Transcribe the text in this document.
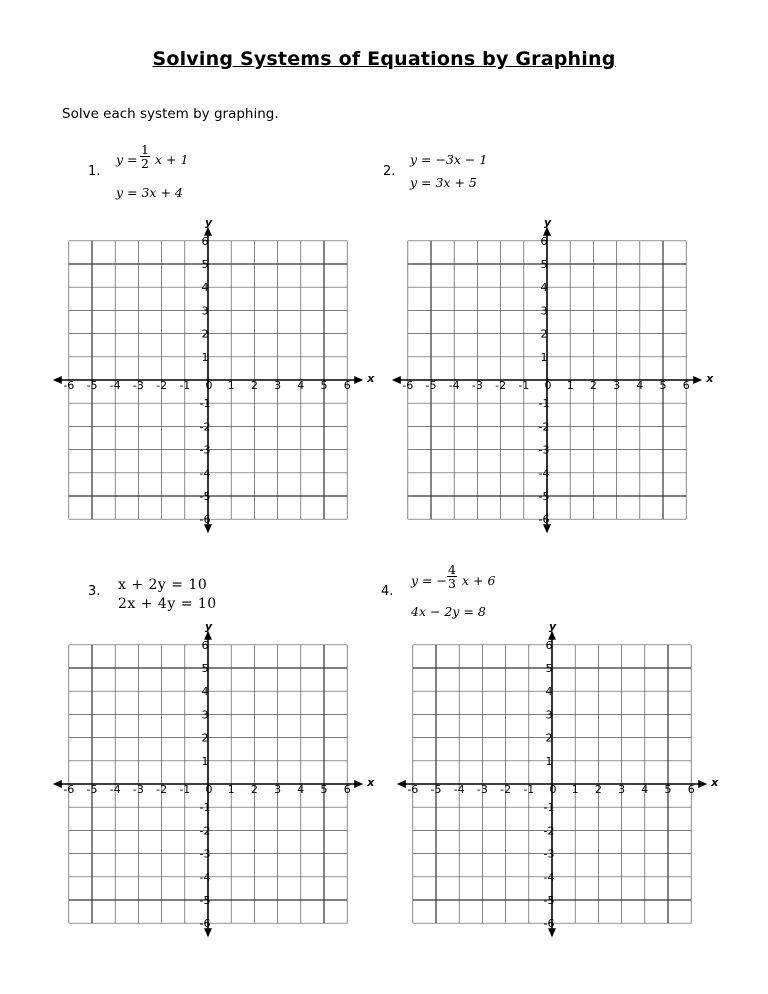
Solving Systems of Equations by Graphing
Solve each system by graphing.
1.
$y = \frac{1}{2}$ x + 1
y = 3x + 4
2.
y = −3x − 1
y = 3x + 5
3. x + 2y = 10
2x + 4y = 10
4.
y = − $\frac{4}{3}$ x + 6
4x − 2y = 8
x
y
-6 -5 -4 -3 -2 -1 0 1 2 3 4 5 6
6
5
4
3
2
1
-1
-2
-3
-4
-5
-6
x
y
-6 -5 -4 -3 -2 -1 0 1 2 3 4 5 6
6
5
4
3
2
1
-1
-2
-3
-4
-5
-6
x
y
-6 -5 -4 -3 -2 -1 0 1 2 3 4 5 6
6
5
4
3
2
1
-1
-2
-3
-4
-5
-6
x
y
-6 -5 -4 -3 -2 -1 0 1 2 3 4 5 6
6
5
4
3
2
1
-1
-2
-3
-4
-5
-6
